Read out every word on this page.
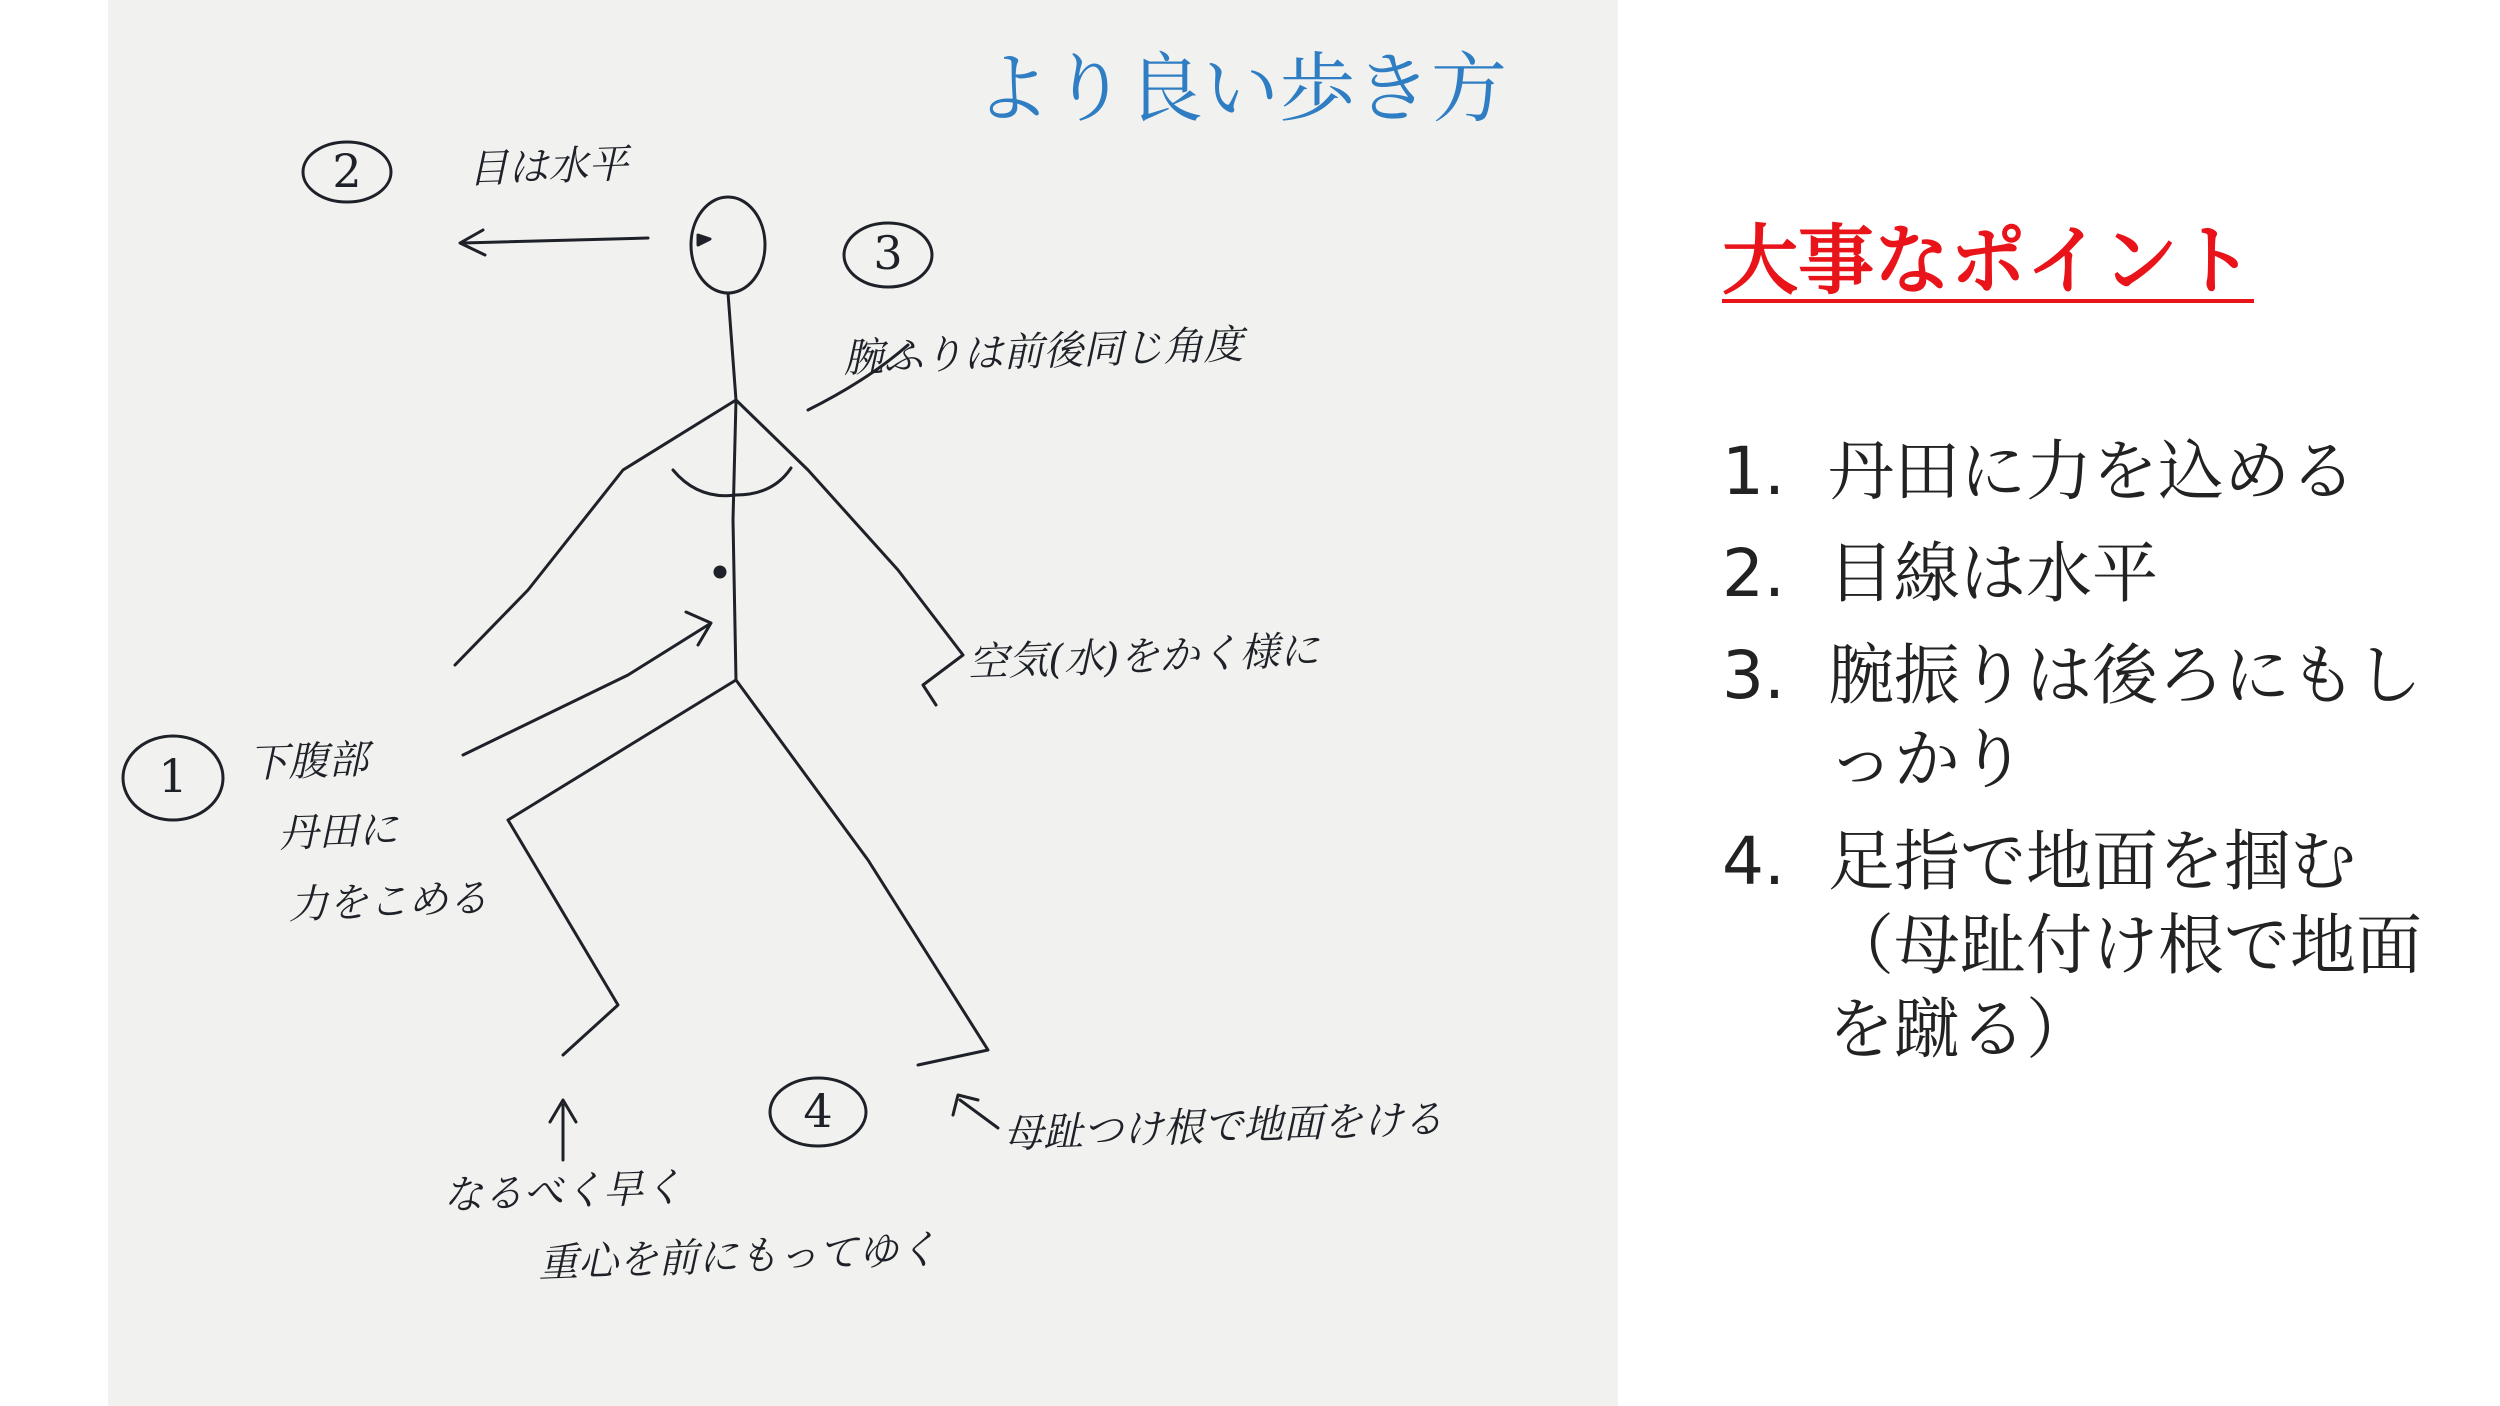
2
3
1
4
目は水平
腕ふりは前後同じ角度
空気(水)をかく様に
下腹部
丹田に
力をこめる
母趾つけ根で地面をける
なるべく早く
重心を前にもってゆく
より良い歩き方
大事なポイント
1. 丹田に力を込める
2. 目線は水平
3. 腕振りは後ろにもしっかり
4. 足指で地面を掴む（母趾付け根で地面を蹴る）
